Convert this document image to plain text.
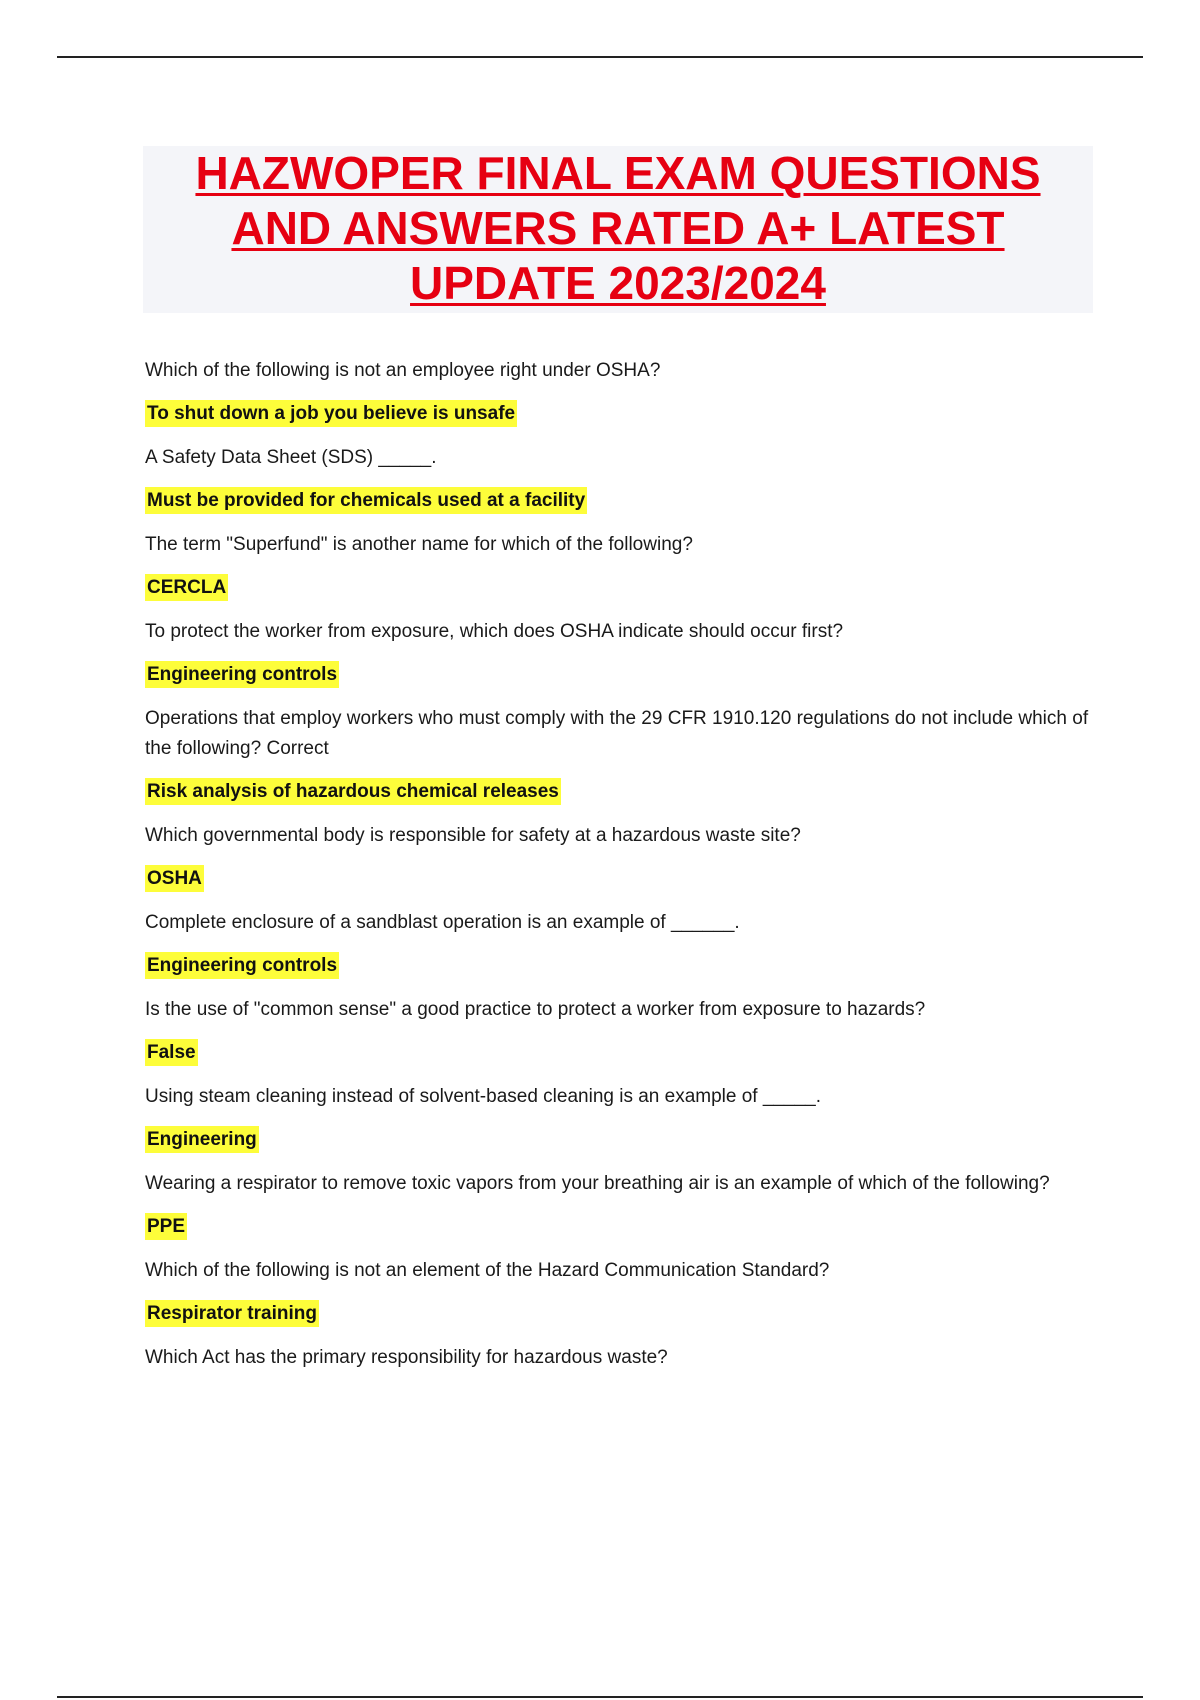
HAZWOPER FINAL EXAM QUESTIONS
AND ANSWERS RATED A+ LATEST
UPDATE 2023/2024
Which of the following is not an employee right under OSHA?
To shut down a job you believe is unsafe
A Safety Data Sheet (SDS) _____.
Must be provided for chemicals used at a facility
The term "Superfund" is another name for which of the following?
CERCLA
To protect the worker from exposure, which does OSHA indicate should occur first?
Engineering controls
Operations that employ workers who must comply with the 29 CFR 1910.120 regulations do not include which of the following? Correct
Risk analysis of hazardous chemical releases
Which governmental body is responsible for safety at a hazardous waste site?
OSHA
Complete enclosure of a sandblast operation is an example of ______.
Engineering controls
Is the use of "common sense" a good practice to protect a worker from exposure to hazards?
False
Using steam cleaning instead of solvent-based cleaning is an example of _____.
Engineering
Wearing a respirator to remove toxic vapors from your breathing air is an example of which of the following?
PPE
Which of the following is not an element of the Hazard Communication Standard?
Respirator training
Which Act has the primary responsibility for hazardous waste?
